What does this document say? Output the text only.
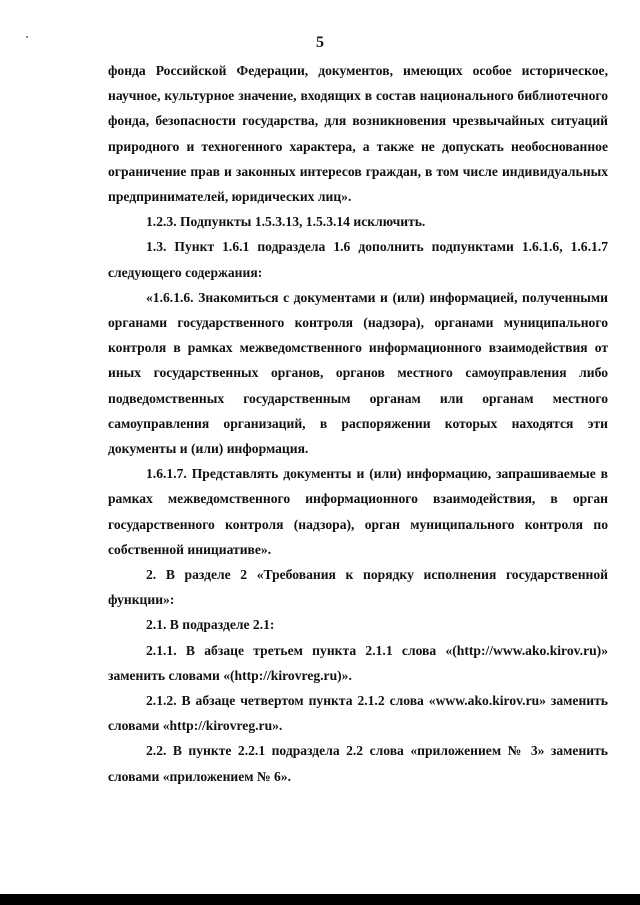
5

фонда Российской Федерации, документов, имеющих особое историческое, научное, культурное значение, входящих в состав национального библиотечного фонда, безопасности государства, для возникновения чрезвычайных ситуаций природного и техногенного характера, а также не допускать необоснованное ограничение прав и законных интересов граждан, в том числе индивидуальных предпринимателей, юридических лиц».

1.2.3. Подпункты 1.5.3.13, 1.5.3.14 исключить.

1.3. Пункт 1.6.1 подраздела 1.6 дополнить подпунктами 1.6.1.6, 1.6.1.7 следующего содержания:

«1.6.1.6. Знакомиться с документами и (или) информацией, полученными органами государственного контроля (надзора), органами муниципального контроля в рамках межведомственного информационного взаимодействия от иных государственных органов, органов местного самоуправления либо подведомственных государственным органам или органам местного самоуправления организаций, в распоряжении которых находятся эти документы и (или) информация.

1.6.1.7. Представлять документы и (или) информацию, запрашиваемые в рамках межведомственного информационного взаимодействия, в орган государственного контроля (надзора), орган муниципального контроля по собственной инициативе».

2. В разделе 2 «Требования к порядку исполнения государственной функции»:

2.1. В подразделе 2.1:

2.1.1. В абзаце третьем пункта 2.1.1 слова «(http://www.ako.kirov.ru)» заменить словами «(http://kirovreg.ru)».

2.1.2. В абзаце четвертом пункта 2.1.2 слова «www.ako.kirov.ru» заменить словами «http://kirovreg.ru».

2.2. В пункте 2.2.1 подраздела 2.2 слова «приложением № 3» заменить словами «приложением № 6».
